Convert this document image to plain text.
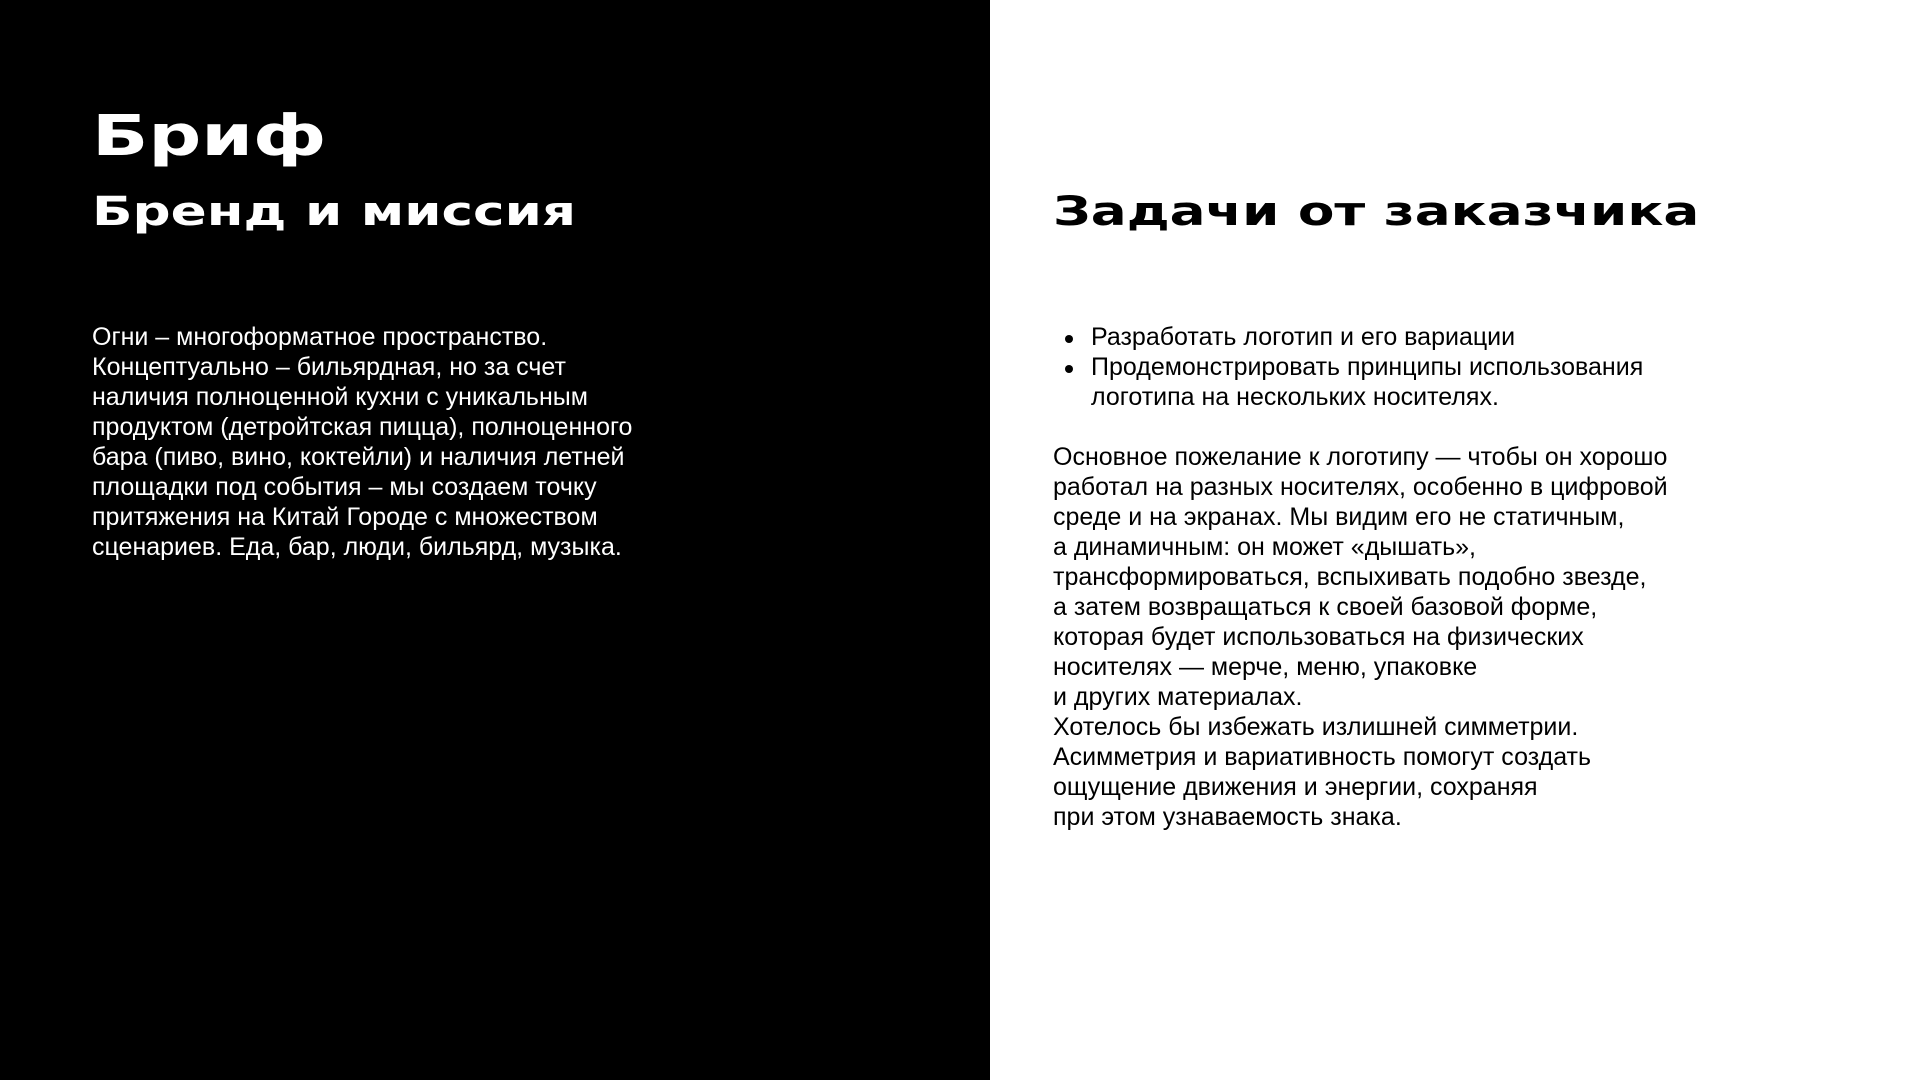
Бриф
Бренд и миссия

Огни – многоформатное пространство.
Концептуально – бильярдная, но за счет
наличия полноценной кухни с уникальным
продуктом (детройтская пицца), полноценного
бара (пиво, вино, коктейли) и наличия летней
площадки под события – мы создаем точку
притяжения на Китай Городе с множеством
сценариев. Еда, бар, люди, бильярд, музыка.

Задачи от заказчика
Разработать логотип и его вариации
Продемонстрировать принципы использования
логотипа на нескольких носителях.

Основное пожелание к логотипу — чтобы он хорошо
работал на разных носителях, особенно в цифровой
среде и на экранах. Мы видим его не статичным,
а динамичным: он может «дышать»,
трансформироваться, вспыхивать подобно звезде,
а затем возвращаться к своей базовой форме,
которая будет использоваться на физических
носителях — мерче, меню, упаковке
и других материалах.
Хотелось бы избежать излишней симметрии.
Асимметрия и вариативность помогут создать
ощущение движения и энергии, сохраняя
при этом узнаваемость знака.
